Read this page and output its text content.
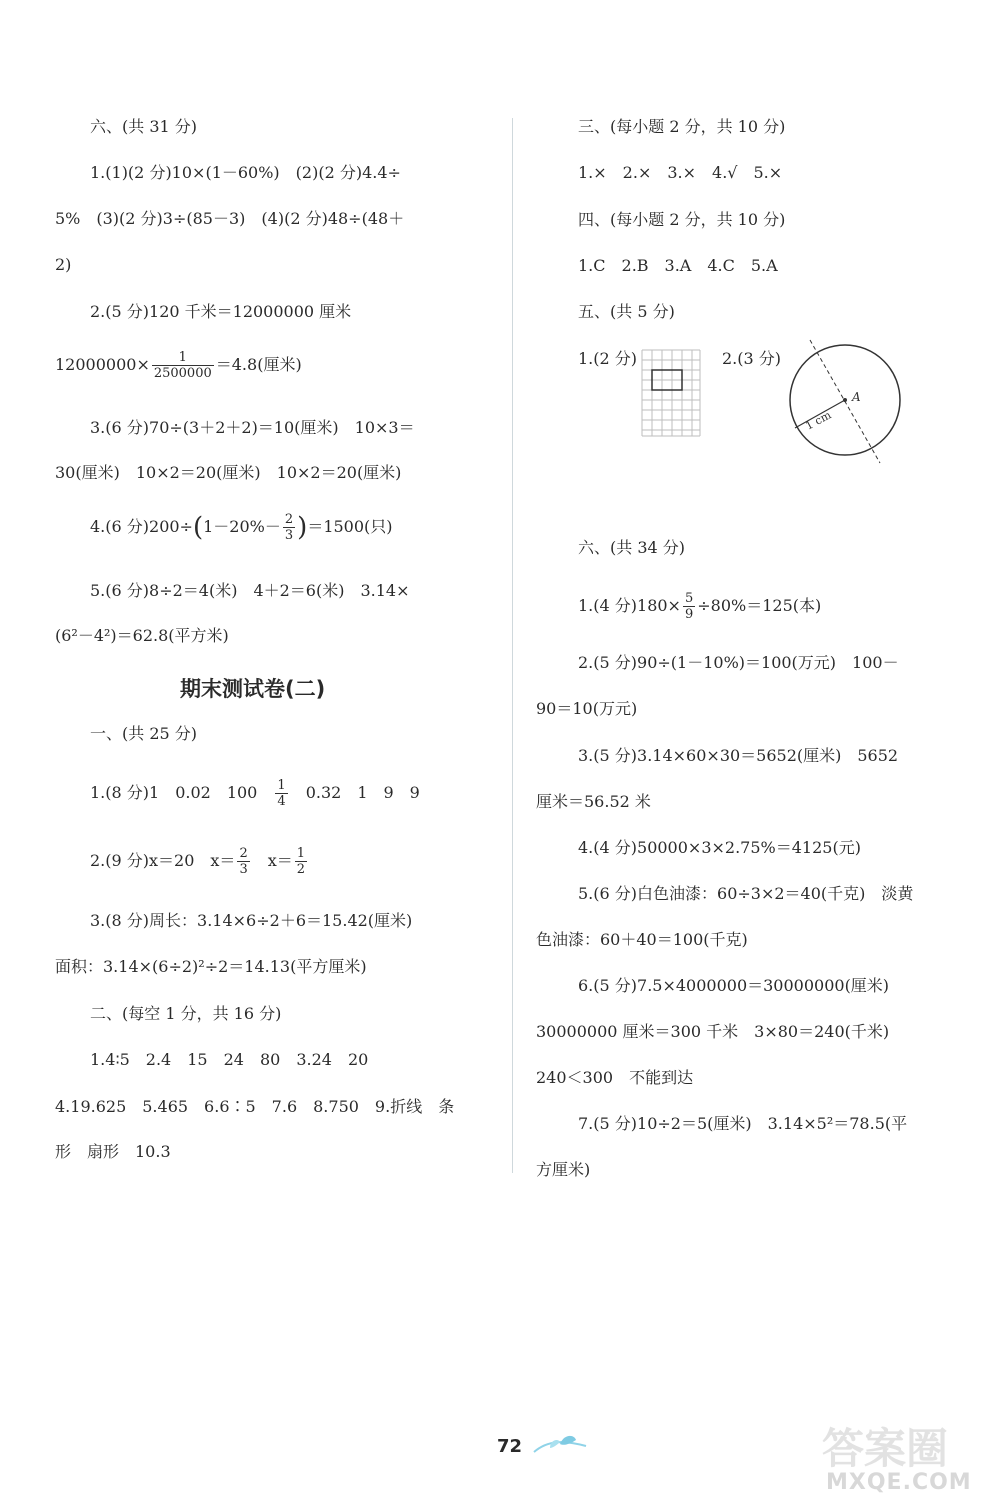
六、(共 31 分)
1.(1)(2 分)10×(1－60%)　(2)(2 分)4.4÷
5%　(3)(2 分)3÷(85－3)　(4)(2 分)48÷(48＋
2)
2.(5 分)120 千米＝12000000 厘米
$12000000\times \frac{1}{2500000} =4.8$(厘米)
3.(6 分)70÷(3＋2＋2)＝10(厘米)　10×3＝
30(厘米)　10×2＝20(厘米)　10×2＝20(厘米)
4.(6 分)$200\div(1-20\%- \frac{2}{3} )=1500$(只)
5.(6 分)8÷2＝4(米)　4＋2＝6(米)　3.14×
(6²－4²)＝62.8(平方米)
期末测试卷(二)
一、(共 25 分)
1.(8 分)1　0.02　100　 $\frac{1}{4}$
　 0.32　1　9　9
2.(9 分)x＝20　$x= \frac{2}{3}$
　 $x= \frac{1}{2}$
3.(8 分)周长：3.14×6÷2＋6＝15.42(厘米)
面积：3.14×(6÷2)²÷2＝14.13(平方厘米)
二、(每空 1 分，共 16 分)
1.4∶5　2.4　15　24　80　3.24　20
4.19.625　5.465　6.6∶5　7.6　8.750　9.折线　条
形　扇形　10.3
三、(每小题 2 分，共 10 分)
1.×　2.×　3.×　4.√　5.×
四、(每小题 2 分，共 10 分)
1.C　2.B　3.A　4.C　5.A
五、(共 5 分)
1.(2 分)	2.(3 分)
A
1 cm
六、(共 34 分)
1.(4 分)$180\times \frac{5}{9} \div 80\%=125$(本)
2.(5 分)90÷(1－10%)＝100(万元)　100－
90＝10(万元)
3.(5 分)3.14×60×30＝5652(厘米)　5652
厘米＝56.52 米
4.(4 分)50000×3×2.75%＝4125(元)
5.(6 分)白色油漆：60÷3×2＝40(千克)　淡黄
色油漆：60＋40＝100(千克)
6.(5 分)7.5×4000000＝30000000(厘米)
30000000 厘米＝300 千米　3×80＝240(千米)
240＜300　不能到达
7.(5 分)10÷2＝5(厘米)　3.14×5²＝78.5(平
方厘米)
72	答案圈
MXQE.COM
